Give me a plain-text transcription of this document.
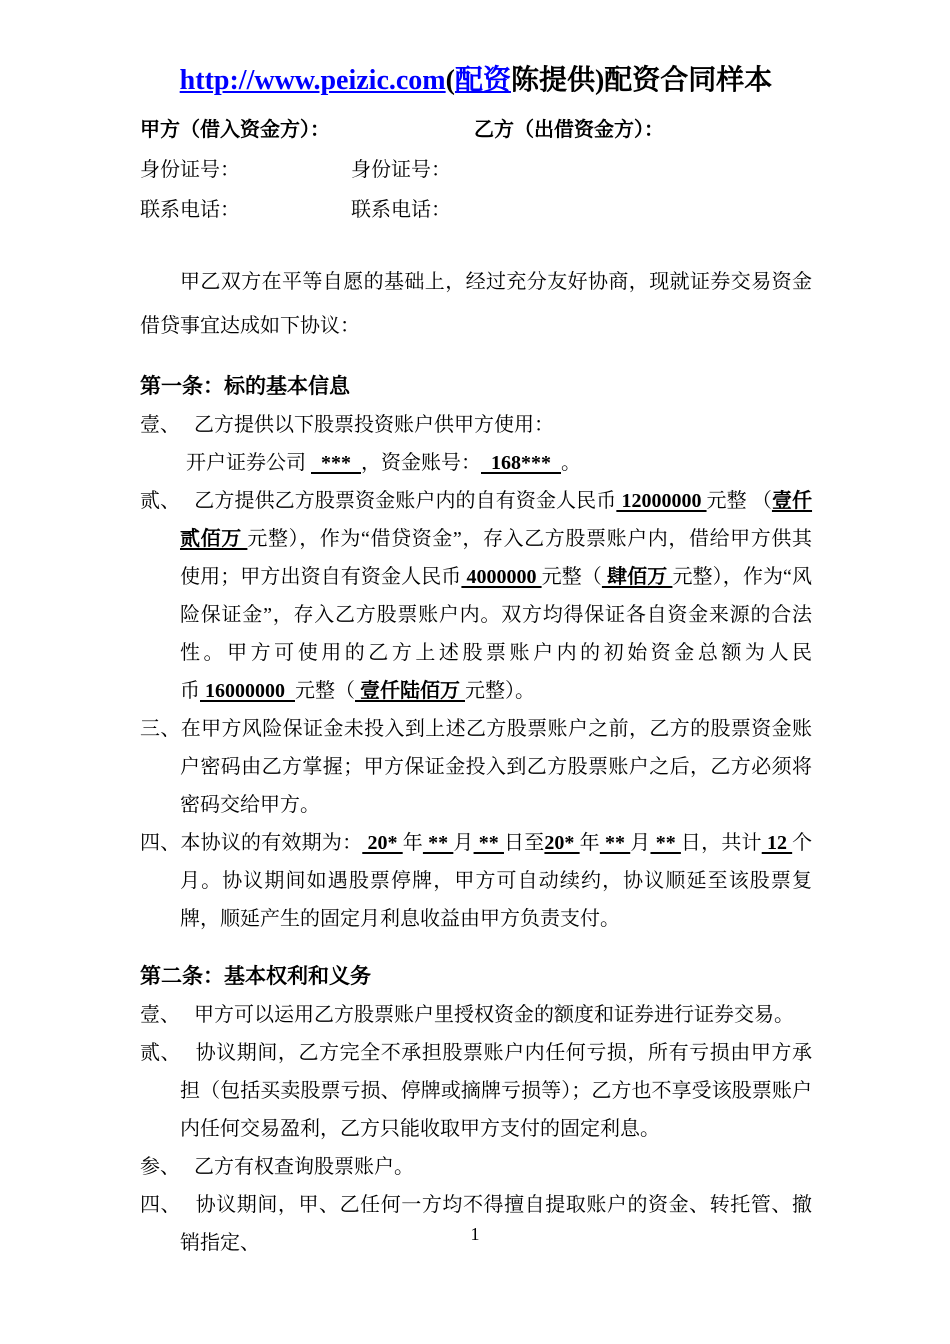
http://www.peizic.com(配资陈提供)配资合同样本
甲方（借入资金方）：	乙方（出借资金方）：
身份证号：	身份证号：
联系电话：	联系电话：

甲乙双方在平等自愿的基础上，经过充分友好协商，现就证券交易资金借贷事宜达成如下协议：

第一条：标的基本信息

壹、 乙方提供以下股票投资账户供甲方使用：

开户证券公司   ***  ，资金账号：  168***  。

贰、 乙方提供乙方股票资金账户内的自有资金人民币 12000000 元整 （壹仟贰佰万 元整），作为“借贷资金”，存入乙方股票账户内，借给甲方供其使用；甲方出资自有资金人民币 4000000 元整（ 肆佰万 元整），作为“风险保证金”，存入乙方股票账户内。双方均得保证各自资金来源的合法性。甲方可使用的乙方上述股票账户内的初始资金总额为人民币 16000000  元整（ 壹仟陆佰万 元整）。

三、在甲方风险保证金未投入到上述乙方股票账户之前，乙方的股票资金账户密码由乙方掌握；甲方保证金投入到乙方股票账户之后，乙方必须将密码交给甲方。

四、本协议的有效期为： 20* 年 ** 月 ** 日至20* 年 ** 月 ** 日，共计 12 个月。协议期间如遇股票停牌，甲方可自动续约，协议顺延至该股票复牌，顺延产生的固定月利息收益由甲方负责支付。

第二条：基本权利和义务

壹、 甲方可以运用乙方股票账户里授权资金的额度和证券进行证券交易。

贰、 协议期间，乙方完全不承担股票账户内任何亏损，所有亏损由甲方承担（包括买卖股票亏损、停牌或摘牌亏损等）；乙方也不享受该股票账户内任何交易盈利，乙方只能收取甲方支付的固定利息。

参、 乙方有权查询股票账户。

四、 协议期间，甲、乙任何一方均不得擅自提取账户的资金、转托管、撤销指定、	1
